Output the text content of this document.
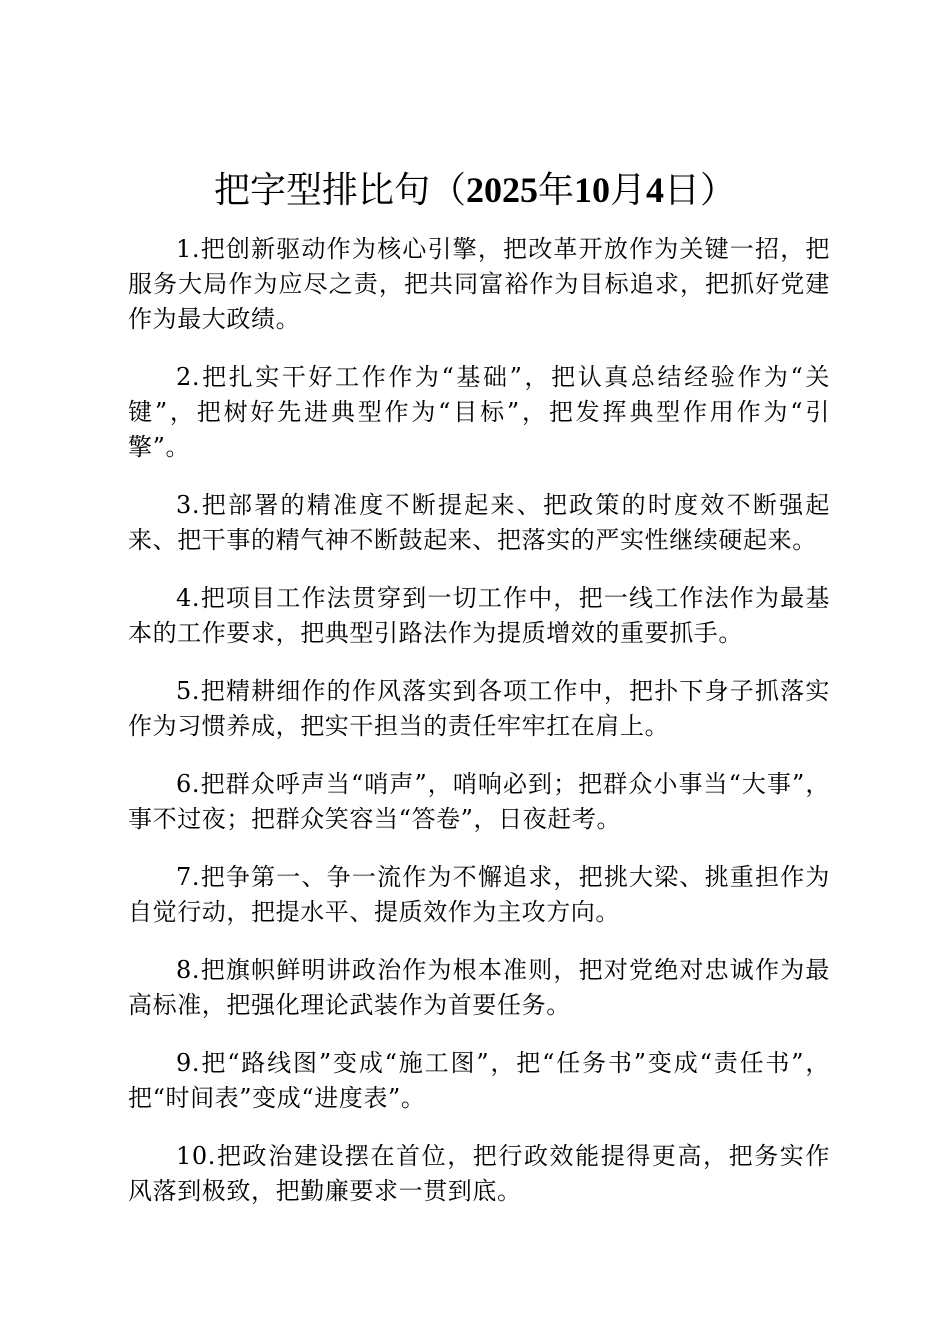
把字型排比句（2025年10月4日）

1.把创新驱动作为核心引擎，把改革开放作为关键一招，把服务大局作为应尽之责，把共同富裕作为目标追求，把抓好党建作为最大政绩。

2.把扎实干好工作作为“基础”，把认真总结经验作为“关键”，把树好先进典型作为“目标”，把发挥典型作用作为“引擎”。

3.把部署的精准度不断提起来、把政策的时度效不断强起来、把干事的精气神不断鼓起来、把落实的严实性继续硬起来。

4.把项目工作法贯穿到一切工作中，把一线工作法作为最基本的工作要求，把典型引路法作为提质增效的重要抓手。

5.把精耕细作的作风落实到各项工作中，把扑下身子抓落实作为习惯养成，把实干担当的责任牢牢扛在肩上。

6.把群众呼声当“哨声”，哨响必到；把群众小事当“大事”，事不过夜；把群众笑容当“答卷”，日夜赶考。

7.把争第一、争一流作为不懈追求，把挑大梁、挑重担作为自觉行动，把提水平、提质效作为主攻方向。

8.把旗帜鲜明讲政治作为根本准则，把对党绝对忠诚作为最高标准，把强化理论武装作为首要任务。

9.把“路线图”变成“施工图”，把“任务书”变成“责任书”，把“时间表”变成“进度表”。

10.把政治建设摆在首位，把行政效能提得更高，把务实作风落到极致，把勤廉要求一贯到底。
